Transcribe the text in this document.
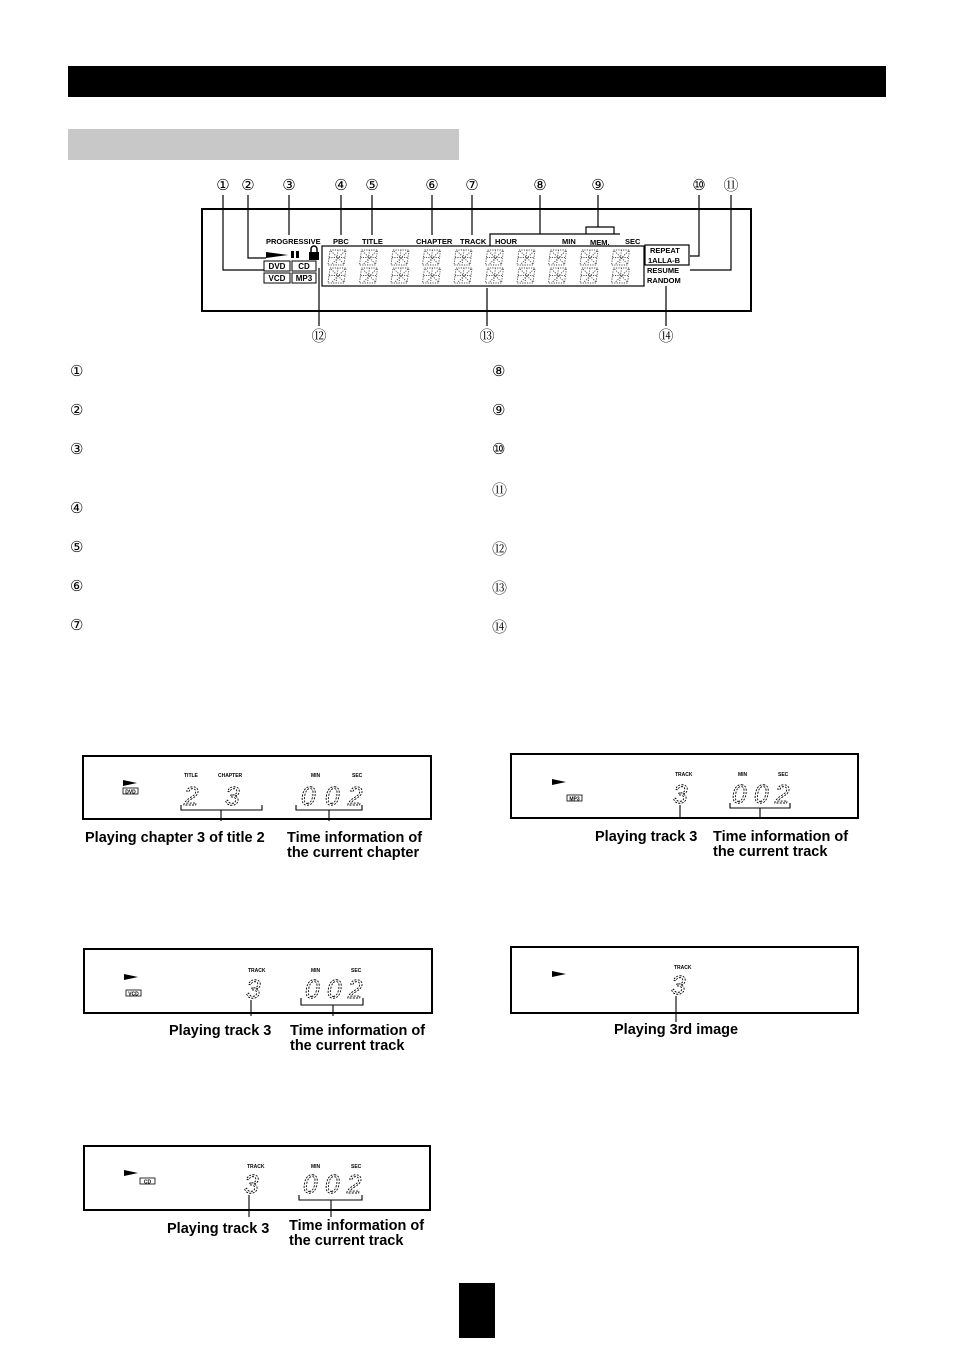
① ② ③	④ ⑤	⑥ ⑦	⑧	⑨	⑩ ⑪
⑫	⑬	⑭
PROGRESSIVE PBC TITLE	CHAPTER TRACK HOUR	MIN MEM. SEC
REPEAT
1ALLA-B
RESUME
RANDOM
DVD CD
VCD MP3
①
②
③
④
⑤
⑥
⑦
⑧
⑨
⑩
⑪
⑫
⑬
⑭
DVD
TITLE	CHAPTER	MIN	SEC
2 3 0 0 2
Playing chapter 3 of title 2 Time information of
the current chapter
MP3
TRACK	MIN	SEC
3 0 0 2
Playing track 3 Time information of
the current track
VCD
TRACK	MIN	SEC
3 0 0 2
Playing track 3 Time information of
the current track
TRACK
3
Playing 3rd image
CD
TRACK	MIN	SEC
3 0 0 2
Playing track 3 Time information of
the current track
